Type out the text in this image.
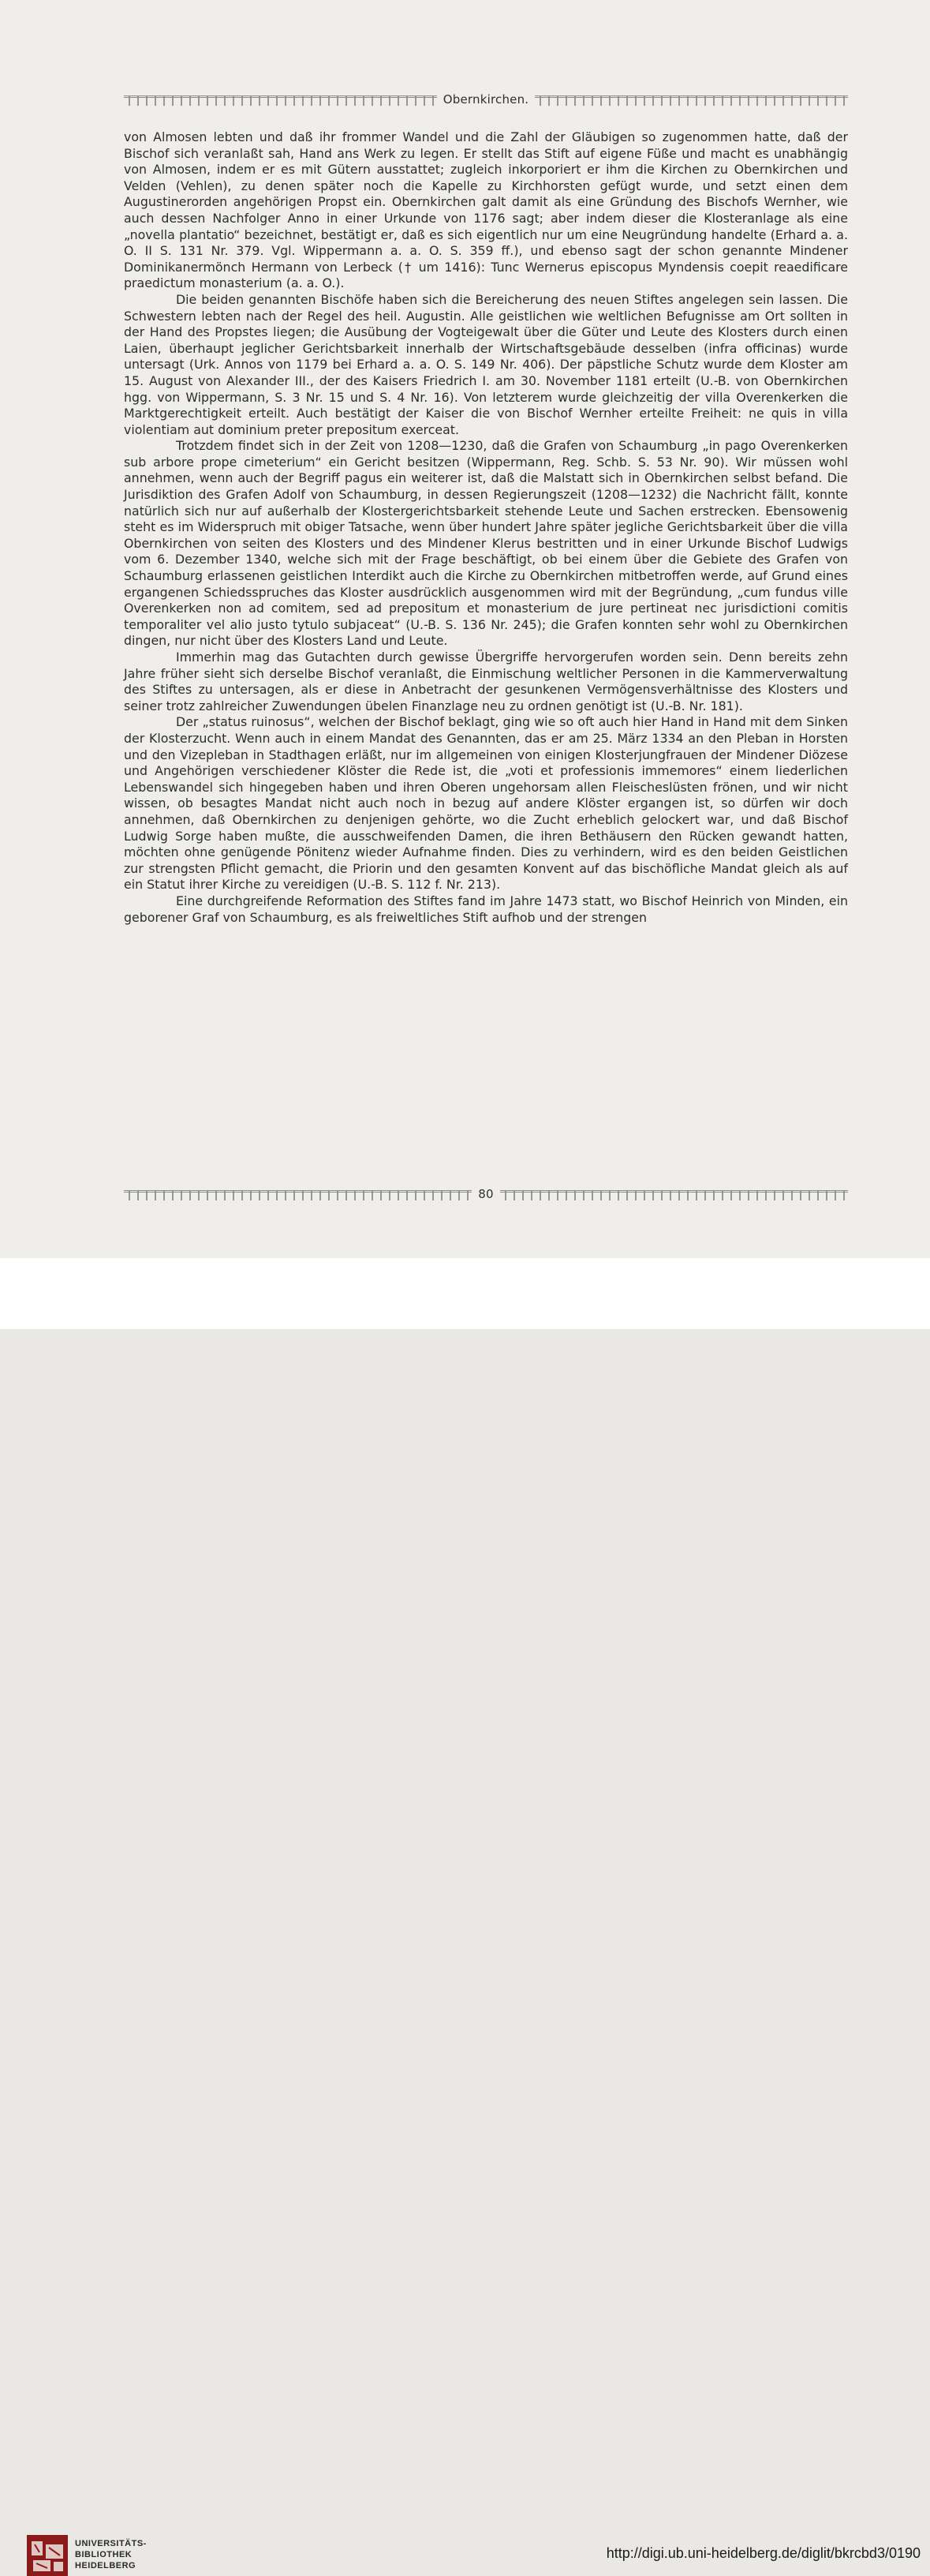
Obernkirchen.

von Almosen lebten und daß ihr frommer Wandel und die Zahl der Gläubigen so zugenommen hatte, daß der Bischof sich veranlaßt sah, Hand ans Werk zu legen. Er stellt das Stift auf eigene Füße und macht es unabhängig von Almosen, indem er es mit Gütern ausstattet; zugleich inkorporiert er ihm die Kirchen zu Obernkirchen und Velden (Vehlen), zu denen später noch die Kapelle zu Kirchhorsten gefügt wurde, und setzt einen dem Augustinerorden angehörigen Propst ein. Obernkirchen galt damit als eine Gründung des Bischofs Wernher, wie auch dessen Nachfolger Anno in einer Urkunde von 1176 sagt; aber indem dieser die Klosteranlage als eine „novella plantatio“ bezeichnet, bestätigt er, daß es sich eigentlich nur um eine Neugründung handelte (Erhard a. a. O. II S. 131 Nr. 379. Vgl. Wippermann a. a. O. S. 359 ff.), und ebenso sagt der schon genannte Mindener Dominikanermönch Hermann von Lerbeck († um 1416): Tunc Wernerus episcopus Myndensis coepit reaedificare praedictum monasterium (a. a. O.).

Die beiden genannten Bischöfe haben sich die Bereicherung des neuen Stiftes angelegen sein lassen. Die Schwestern lebten nach der Regel des heil. Augustin. Alle geistlichen wie weltlichen Befugnisse am Ort sollten in der Hand des Propstes liegen; die Ausübung der Vogteigewalt über die Güter und Leute des Klosters durch einen Laien, überhaupt jeglicher Gerichtsbarkeit innerhalb der Wirtschaftsgebäude desselben (infra officinas) wurde untersagt (Urk. Annos von 1179 bei Erhard a. a. O. S. 149 Nr. 406). Der päpstliche Schutz wurde dem Kloster am 15. August von Alexander III., der des Kaisers Friedrich I. am 30. November 1181 erteilt (U.-B. von Obernkirchen hgg. von Wippermann, S. 3 Nr. 15 und S. 4 Nr. 16). Von letzterem wurde gleichzeitig der villa Overenkerken die Marktgerechtigkeit erteilt. Auch bestätigt der Kaiser die von Bischof Wernher erteilte Freiheit: ne quis in villa violentiam aut dominium preter prepositum exerceat.

Trotzdem findet sich in der Zeit von 1208—1230, daß die Grafen von Schaumburg „in pago Overenkerken sub arbore prope cimeterium“ ein Gericht besitzen (Wippermann, Reg. Schb. S. 53 Nr. 90). Wir müssen wohl annehmen, wenn auch der Begriff pagus ein weiterer ist, daß die Malstatt sich in Obernkirchen selbst befand. Die Jurisdiktion des Grafen Adolf von Schaumburg, in dessen Regierungszeit (1208—1232) die Nachricht fällt, konnte natürlich sich nur auf außerhalb der Klostergerichtsbarkeit stehende Leute und Sachen erstrecken. Ebensowenig steht es im Widerspruch mit obiger Tatsache, wenn über hundert Jahre später jegliche Gerichtsbarkeit über die villa Obernkirchen von seiten des Klosters und des Mindener Klerus bestritten und in einer Urkunde Bischof Ludwigs vom 6. Dezember 1340, welche sich mit der Frage beschäftigt, ob bei einem über die Gebiete des Grafen von Schaumburg erlassenen geistlichen Interdikt auch die Kirche zu Obernkirchen mitbetroffen werde, auf Grund eines ergangenen Schiedsspruches das Kloster ausdrücklich ausgenommen wird mit der Begründung, „cum fundus ville Overenkerken non ad comitem, sed ad prepositum et monasterium de jure pertineat nec jurisdictioni comitis temporaliter vel alio justo tytulo subjaceat“ (U.-B. S. 136 Nr. 245); die Grafen konnten sehr wohl zu Obernkirchen dingen, nur nicht über des Klosters Land und Leute.

Immerhin mag das Gutachten durch gewisse Übergriffe hervorgerufen worden sein. Denn bereits zehn Jahre früher sieht sich derselbe Bischof veranlaßt, die Einmischung weltlicher Personen in die Kammerverwaltung des Stiftes zu untersagen, als er diese in Anbetracht der gesunkenen Vermögensverhältnisse des Klosters und seiner trotz zahlreicher Zuwendungen übelen Finanzlage neu zu ordnen genötigt ist (U.-B. Nr. 181).

Der „status ruinosus“, welchen der Bischof beklagt, ging wie so oft auch hier Hand in Hand mit dem Sinken der Klosterzucht. Wenn auch in einem Mandat des Genannten, das er am 25. März 1334 an den Pleban in Horsten und den Vizepleban in Stadthagen erläßt, nur im allgemeinen von einigen Klosterjungfrauen der Mindener Diözese und Angehörigen verschiedener Klöster die Rede ist, die „voti et professionis immemores“ einem liederlichen Lebenswandel sich hingegeben haben und ihren Oberen ungehorsam allen Fleischeslüsten frönen, und wir nicht wissen, ob besagtes Mandat nicht auch noch in bezug auf andere Klöster ergangen ist, so dürfen wir doch annehmen, daß Obernkirchen zu denjenigen gehörte, wo die Zucht erheblich gelockert war, und daß Bischof Ludwig Sorge haben mußte, die ausschweifenden Damen, die ihren Bethäusern den Rücken gewandt hatten, möchten ohne genügende Pönitenz wieder Aufnahme finden. Dies zu verhindern, wird es den beiden Geistlichen zur strengsten Pflicht gemacht, die Priorin und den gesamten Konvent auf das bischöfliche Mandat gleich als auf ein Statut ihrer Kirche zu vereidigen (U.-B. S. 112 f. Nr. 213).

Eine durchgreifende Reformation des Stiftes fand im Jahre 1473 statt, wo Bischof Heinrich von Minden, ein geborener Graf von Schaumburg, es als freiweltliches Stift aufhob und der strengen

80
UNIVERSITÄTS-
BIBLIOTHEK
HEIDELBERG
http://digi.ub.uni-heidelberg.de/diglit/bkrcbd3/0190
